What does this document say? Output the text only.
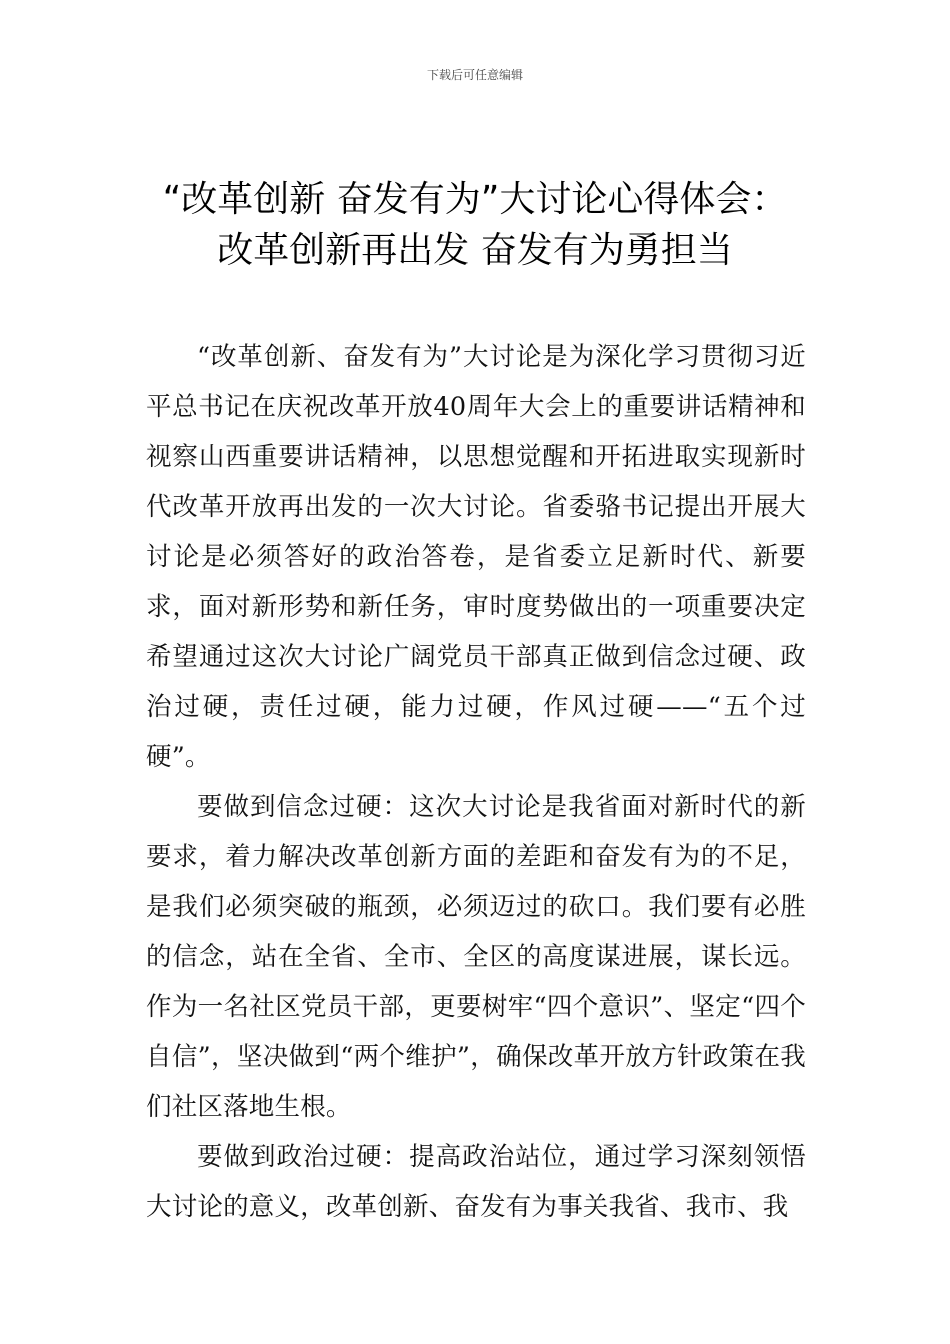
下载后可任意编辑
“改革创新 奋发有为”大讨论心得体会：
改革创新再出发 奋发有为勇担当

“改革创新、奋发有为”大讨论是为深化学习贯彻习近平总书记在庆祝改革开放40周年大会上的重要讲话精神和视察山西重要讲话精神，以思想觉醒和开拓进取实现新时代改革开放再出发的一次大讨论。省委骆书记提出开展大讨论是必须答好的政治答卷，是省委立足新时代、新要求，面对新形势和新任务，审时度势做出的一项重要决定希望通过这次大讨论广阔党员干部真正做到信念过硬、政治过硬，责任过硬，能力过硬，作风过硬——“五个过硬”。

要做到信念过硬：这次大讨论是我省面对新时代的新要求，着力解决改革创新方面的差距和奋发有为的不足，是我们必须突破的瓶颈，必须迈过的砍口。我们要有必胜的信念，站在全省、全市、全区的高度谋进展，谋长远。作为一名社区党员干部，更要树牢“四个意识”、坚定“四个自信”，坚决做到“两个维护”，确保改革开放方针政策在我们社区落地生根。

要做到政治过硬：提高政治站位，通过学习深刻领悟大讨论的意义，改革创新、奋发有为事关我省、我市、我
